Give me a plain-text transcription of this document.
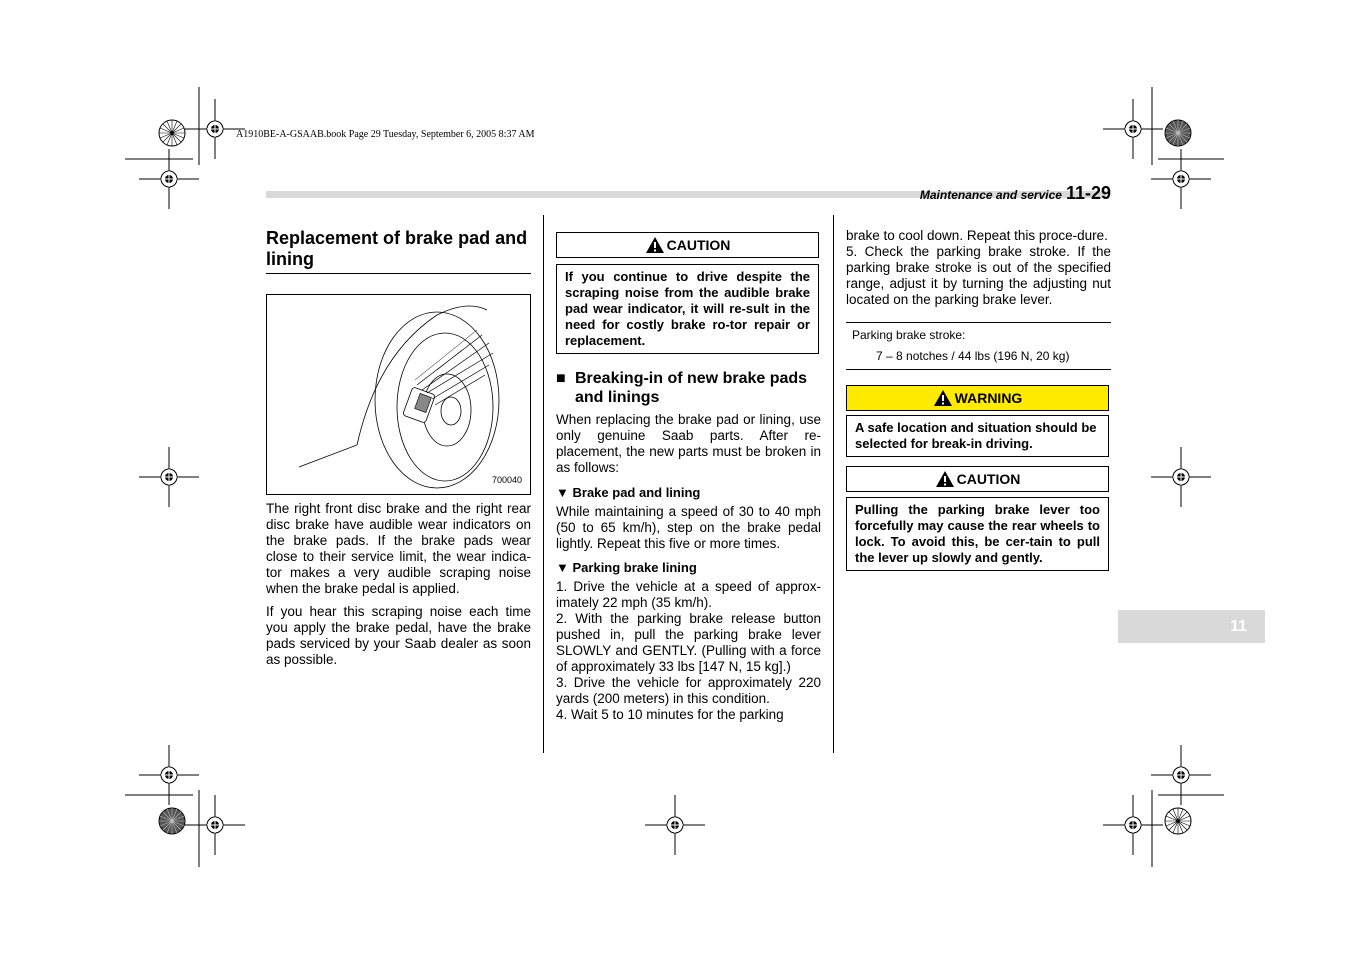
A1910BE-A-GSAAB.book Page 29 Tuesday, September 6, 2005 8:37 AM
Maintenance and service 11-29
Replacement of brake pad and lining
700040

The right front disc brake and the right rear disc brake have audible wear indicators on the brake pads. If the brake pads wear close to their service limit, the wear indica-tor makes a very audible scraping noise when the brake pedal is applied.

If you hear this scraping noise each time you apply the brake pedal, have the brake pads serviced by your Saab dealer as soon as possible.

CAUTION
If you continue to drive despite the scraping noise from the audible brake pad wear indicator, it will re-sult in the need for costly brake ro-tor repair or replacement.
■ Breaking-in of new brake pads and linings

When replacing the brake pad or lining, use only genuine Saab parts. After re-placement, the new parts must be broken in as follows:

▼ Brake pad and lining

While maintaining a speed of 30 to 40 mph (50 to 65 km/h), step on the brake pedal lightly. Repeat this five or more times.

▼ Parking brake lining

1. Drive the vehicle at a speed of approx-imately 22 mph (35 km/h).

2. With the parking brake release button pushed in, pull the parking brake lever SLOWLY and GENTLY. (Pulling with a force of approximately 33 lbs [147 N, 15 kg].)

3. Drive the vehicle for approximately 220 yards (200 meters) in this condition.

4. Wait 5 to 10 minutes for the parking

brake to cool down. Repeat this proce-dure.

5. Check the parking brake stroke. If the parking brake stroke is out of the specified range, adjust it by turning the adjusting nut located on the parking brake lever.

Parking brake stroke:
7 – 8 notches / 44 lbs (196 N, 20 kg)
WARNING
A safe location and situation should be selected for break-in driving.
CAUTION
Pulling the parking brake lever too forcefully may cause the rear wheels to lock. To avoid this, be cer-tain to pull the lever up slowly and gently.
11
